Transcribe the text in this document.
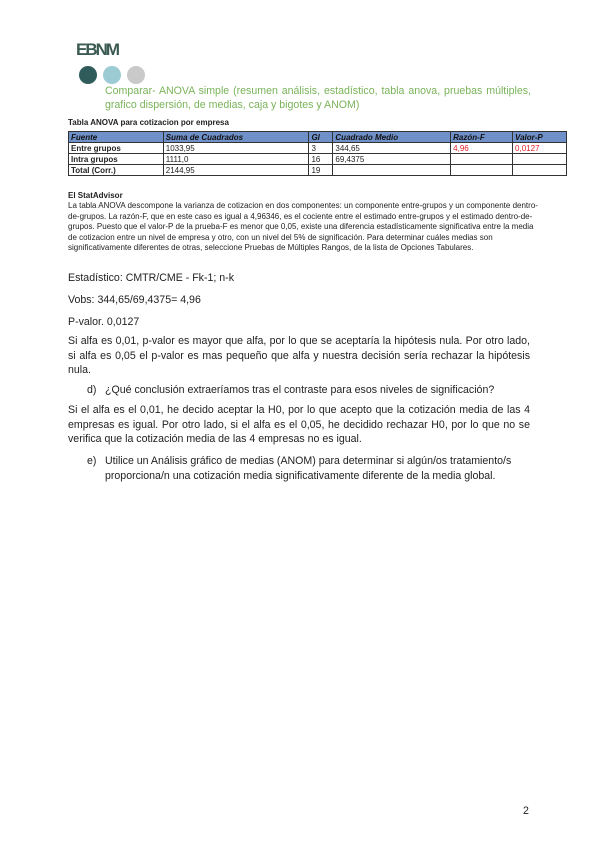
EBNM
Comparar- ANOVA simple (resumen análisis, estadístico, tabla anova, pruebas múltiples, grafico dispersión, de medias, caja y bigotes y ANOM)
Tabla ANOVA para cotizacion por empresa
Fuente	Suma de Cuadrados	Gl	Cuadrado Medio	Razón-F	Valor-P
Entre grupos	1033,95	3	344,65	4,96	0,0127
Intra grupos	1111,0	16	69,4375		
Total (Corr.)	2144,95	19			
El StatAdvisor
La tabla ANOVA descompone la varianza de cotizacion en dos componentes: un componente entre-grupos y un componente dentro-de-grupos. La razón-F, que en este caso es igual a 4,96346, es el cociente entre el estimado entre-grupos y el estimado dentro-de-grupos. Puesto que el valor-P de la prueba-F es menor que 0,05, existe una diferencia estadísticamente significativa entre la media de cotizacion entre un nivel de empresa y otro, con un nivel del 5% de significación. Para determinar cuáles medias son significativamente diferentes de otras, seleccione Pruebas de Múltiples Rangos, de la lista de Opciones Tabulares.
Estadístico: CMTR/CME - Fk-1; n-k
Vobs: 344,65/69,4375= 4,96
P-valor. 0,0127
Si alfa es 0,01, p-valor es mayor que alfa, por lo que se aceptaría la hipótesis nula. Por otro lado, si alfa es 0,05 el p-valor es mas pequeño que alfa y nuestra decisión sería rechazar la hipótesis nula.
d) ¿Qué conclusión extraeríamos tras el contraste para esos niveles de significación?
Si el alfa es el 0,01, he decido aceptar la H0, por lo que acepto que la cotización media de las 4 empresas es igual. Por otro lado, si el alfa es el 0,05, he decidido rechazar H0, por lo que no se verifica que la cotización media de las 4 empresas no es igual.
e) Utilice un Análisis gráfico de medias (ANOM) para determinar si algún/os tratamiento/s proporciona/n una cotización media significativamente diferente de la media global.
2
